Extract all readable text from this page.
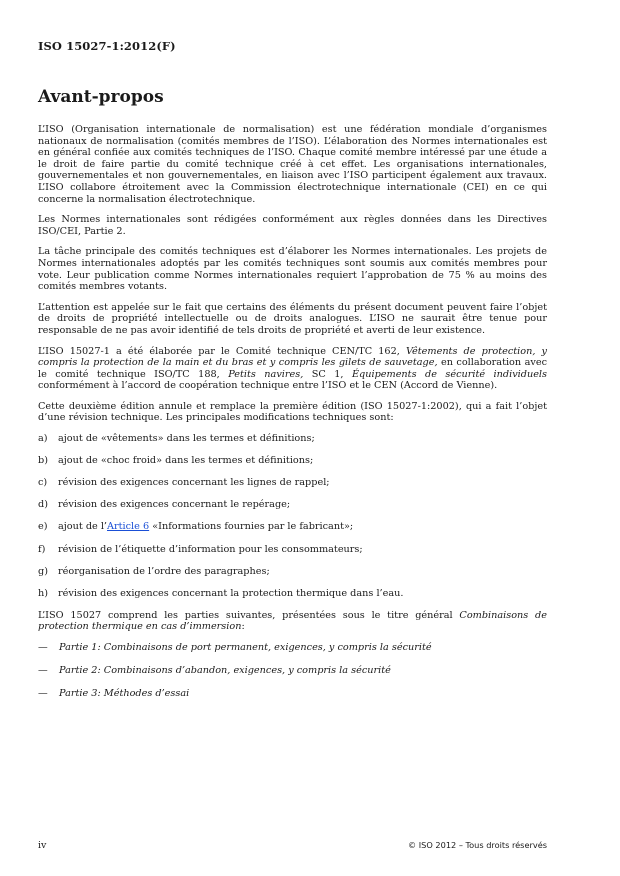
ISO 15027-1:2012(F)
Avant-propos

L’ISO (Organisation internationale de normalisation) est une fédération mondiale d’organismes nationaux de normalisation (comités membres de l’ISO). L’élaboration des Normes internationales est en général confiée aux comités techniques de l’ISO. Chaque comité membre intéressé par une étude a le droit de faire partie du comité technique créé à cet effet. Les organisations internationales, gouvernementales et non gouvernementales, en liaison avec l’ISO participent également aux travaux. L’ISO collabore étroitement avec la Commission électrotechnique internationale (CEI) en ce qui concerne la normalisation électrotechnique.

Les Normes internationales sont rédigées conformément aux règles données dans les Directives ISO/CEI, Partie 2.

La tâche principale des comités techniques est d’élaborer les Normes internationales. Les projets de Normes internationales adoptés par les comités techniques sont soumis aux comités membres pour vote. Leur publication comme Normes internationales requiert l’approbation de 75 % au moins des comités membres votants.

L’attention est appelée sur le fait que certains des éléments du présent document peuvent faire l’objet de droits de propriété intellectuelle ou de droits analogues. L’ISO ne saurait être tenue pour responsable de ne pas avoir identifié de tels droits de propriété et averti de leur existence.

L’ISO 15027-1 a été élaborée par le Comité technique CEN/TC 162, Vêtements de protection, y compris la protection de la main et du bras et y compris les gilets de sauvetage, en collaboration avec le comité technique ISO/TC 188, Petits navires, SC 1, Équipements de sécurité individuels conformément à l’accord de coopération technique entre l’ISO et le CEN (Accord de Vienne).

Cette deuxième édition annule et remplace la première édition (ISO 15027-1:2002), qui a fait l’objet d’une révision technique. Les principales modifications techniques sont:

a)	ajout de «vêtements» dans les termes et définitions;
b)	ajout de «choc froid» dans les termes et définitions;
c)	révision des exigences concernant les lignes de rappel;
d)	révision des exigences concernant le repérage;
e)	ajout de l’Article 6 «Informations fournies par le fabricant»;
f)	révision de l’étiquette d’information pour les consommateurs;
g)	réorganisation de l’ordre des paragraphes;
h)	révision des exigences concernant la protection thermique dans l’eau.

L’ISO 15027 comprend les parties suivantes, présentées sous le titre général Combinaisons de protection thermique en cas d’immersion:

—	Partie 1: Combinaisons de port permanent, exigences, y compris la sécurité
—	Partie 2: Combinaisons d’abandon, exigences, y compris la sécurité
—	Partie 3: Méthodes d’essai
iv	© ISO 2012 – Tous droits réservés
